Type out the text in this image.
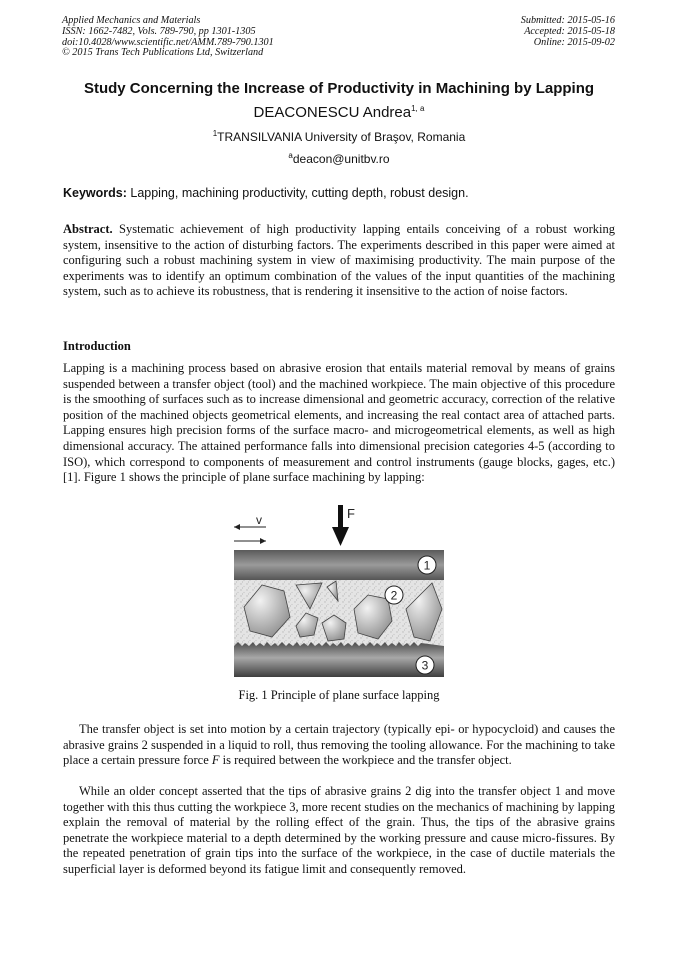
Applied Mechanics and Materials
ISSN: 1662-7482, Vols. 789-790, pp 1301-1305
doi:10.4028/www.scientific.net/AMM.789-790.1301
© 2015 Trans Tech Publications Ltd, Switzerland
Submitted: 2015-05-16
Accepted: 2015-05-18
Online: 2015-09-02
Study Concerning the Increase of Productivity in Machining by Lapping
DEACONESCU Andrea$^{1, a}$
$^1$TRANSILVANIA University of Braşov, Romania
$^a$deacon@unitbv.ro
Keywords: Lapping, machining productivity, cutting depth, robust design.
Abstract. Systematic achievement of high productivity lapping entails conceiving of a robust working system, insensitive to the action of disturbing factors. The experiments described in this paper were aimed at configuring such a robust machining system in view of maximising productivity. The main purpose of the experiments was to identify an optimum combination of the values of the input quantities of the machining system, such as to achieve its robustness, that is rendering it insensitive to the action of noise factors.
Introduction
Lapping is a machining process based on abrasive erosion that entails material removal by means of grains suspended between a transfer object (tool) and the machined workpiece. The main objective of this procedure is the smoothing of surfaces such as to increase dimensional and geometric accuracy, correction of the relative position of the machined objects geometrical elements, and increasing the real contact area of attached parts. Lapping ensures high precision forms of the surface macro- and microgeometrical elements, as well as high dimensional accuracy. The attained performance falls into dimensional precision categories 4-5 (according to ISO), which correspond to components of measurement and control instruments (gauge blocks, gages, etc.) [1]. Figure 1 shows the principle of plane surface machining by lapping:
v	F
1
2
3
Fig. 1 Principle of plane surface lapping
The transfer object is set into motion by a certain trajectory (typically epi- or hypocycloid) and causes the abrasive grains 2 suspended in a liquid to roll, thus removing the tooling allowance. For the machining to take place a certain pressure force F is required between the workpiece and the transfer object.
While an older concept asserted that the tips of abrasive grains 2 dig into the transfer object 1 and move together with this thus cutting the workpiece 3, more recent studies on the mechanics of machining by lapping explain the removal of material by the rolling effect of the grain. Thus, the tips of the abrasive grains penetrate the workpiece material to a depth determined by the working pressure and cause micro-fissures. By the repeated penetration of grain tips into the surface of the workpiece, in the case of ductile materials the superficial layer is deformed beyond its fatigue limit and consequently removed.
